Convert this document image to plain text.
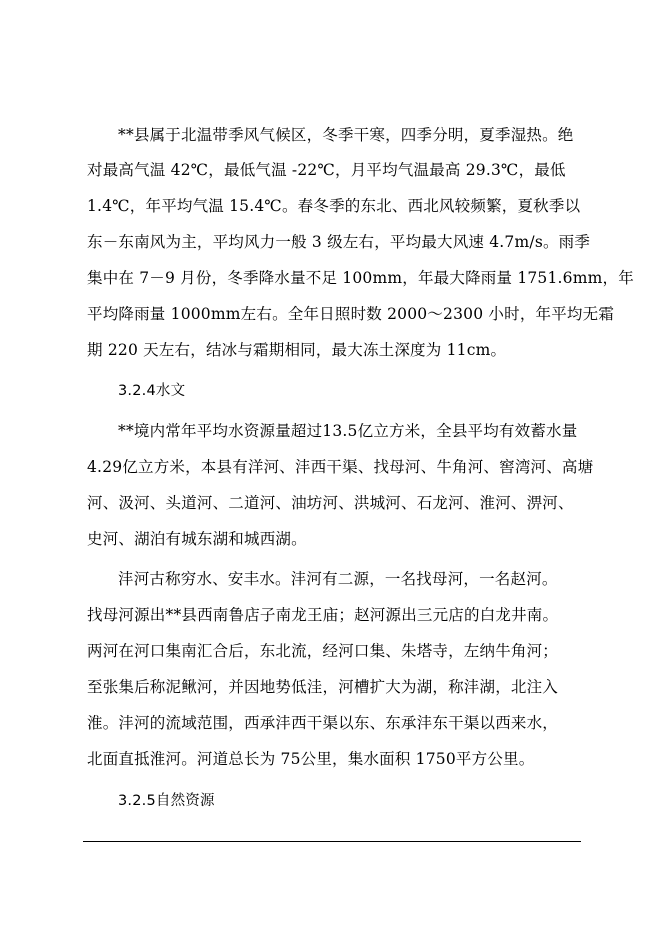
**县属于北温带季风气候区，冬季干寒，四季分明，夏季湿热。绝
对最高气温 42℃，最低气温 -22℃，月平均气温最高 29.3℃，最低
1.4℃，年平均气温 15.4℃。春冬季的东北、西北风较频繁，夏秋季以
东－东南风为主，平均风力一般 3 级左右，平均最大风速 4.7m/s。雨季
集中在 7－9 月份，冬季降水量不足 100mm，年最大降雨量 1751.6mm，年
平均降雨量 1000mm左右。全年日照时数 2000～2300 小时，年平均无霜
期 220 天左右，结冰与霜期相同，最大冻土深度为 11cm。
3.2.4水文
**境内常年平均水资源量超过13.5亿立方米，全县平均有效蓄水量
4.29亿立方米，本县有洋河、沣西干渠、找母河、牛角河、窖湾河、高塘
河、汲河、头道河、二道河、油坊河、洪城河、石龙河、淮河、淠河、
史河、湖泊有城东湖和城西湖。
沣河古称穷水、安丰水。沣河有二源，一名找母河，一名赵河。
找母河源出**县西南鲁店子南龙王庙；赵河源出三元店的白龙井南。
两河在河口集南汇合后，东北流，经河口集、朱塔寺，左纳牛角河；
至张集后称泥鳅河，并因地势低洼，河槽扩大为湖，称沣湖，北注入
淮。沣河的流域范围，西承沣西干渠以东、东承沣东干渠以西来水，
北面直抵淮河。河道总长为 75公里，集水面积 1750平方公里。
3.2.5自然资源
